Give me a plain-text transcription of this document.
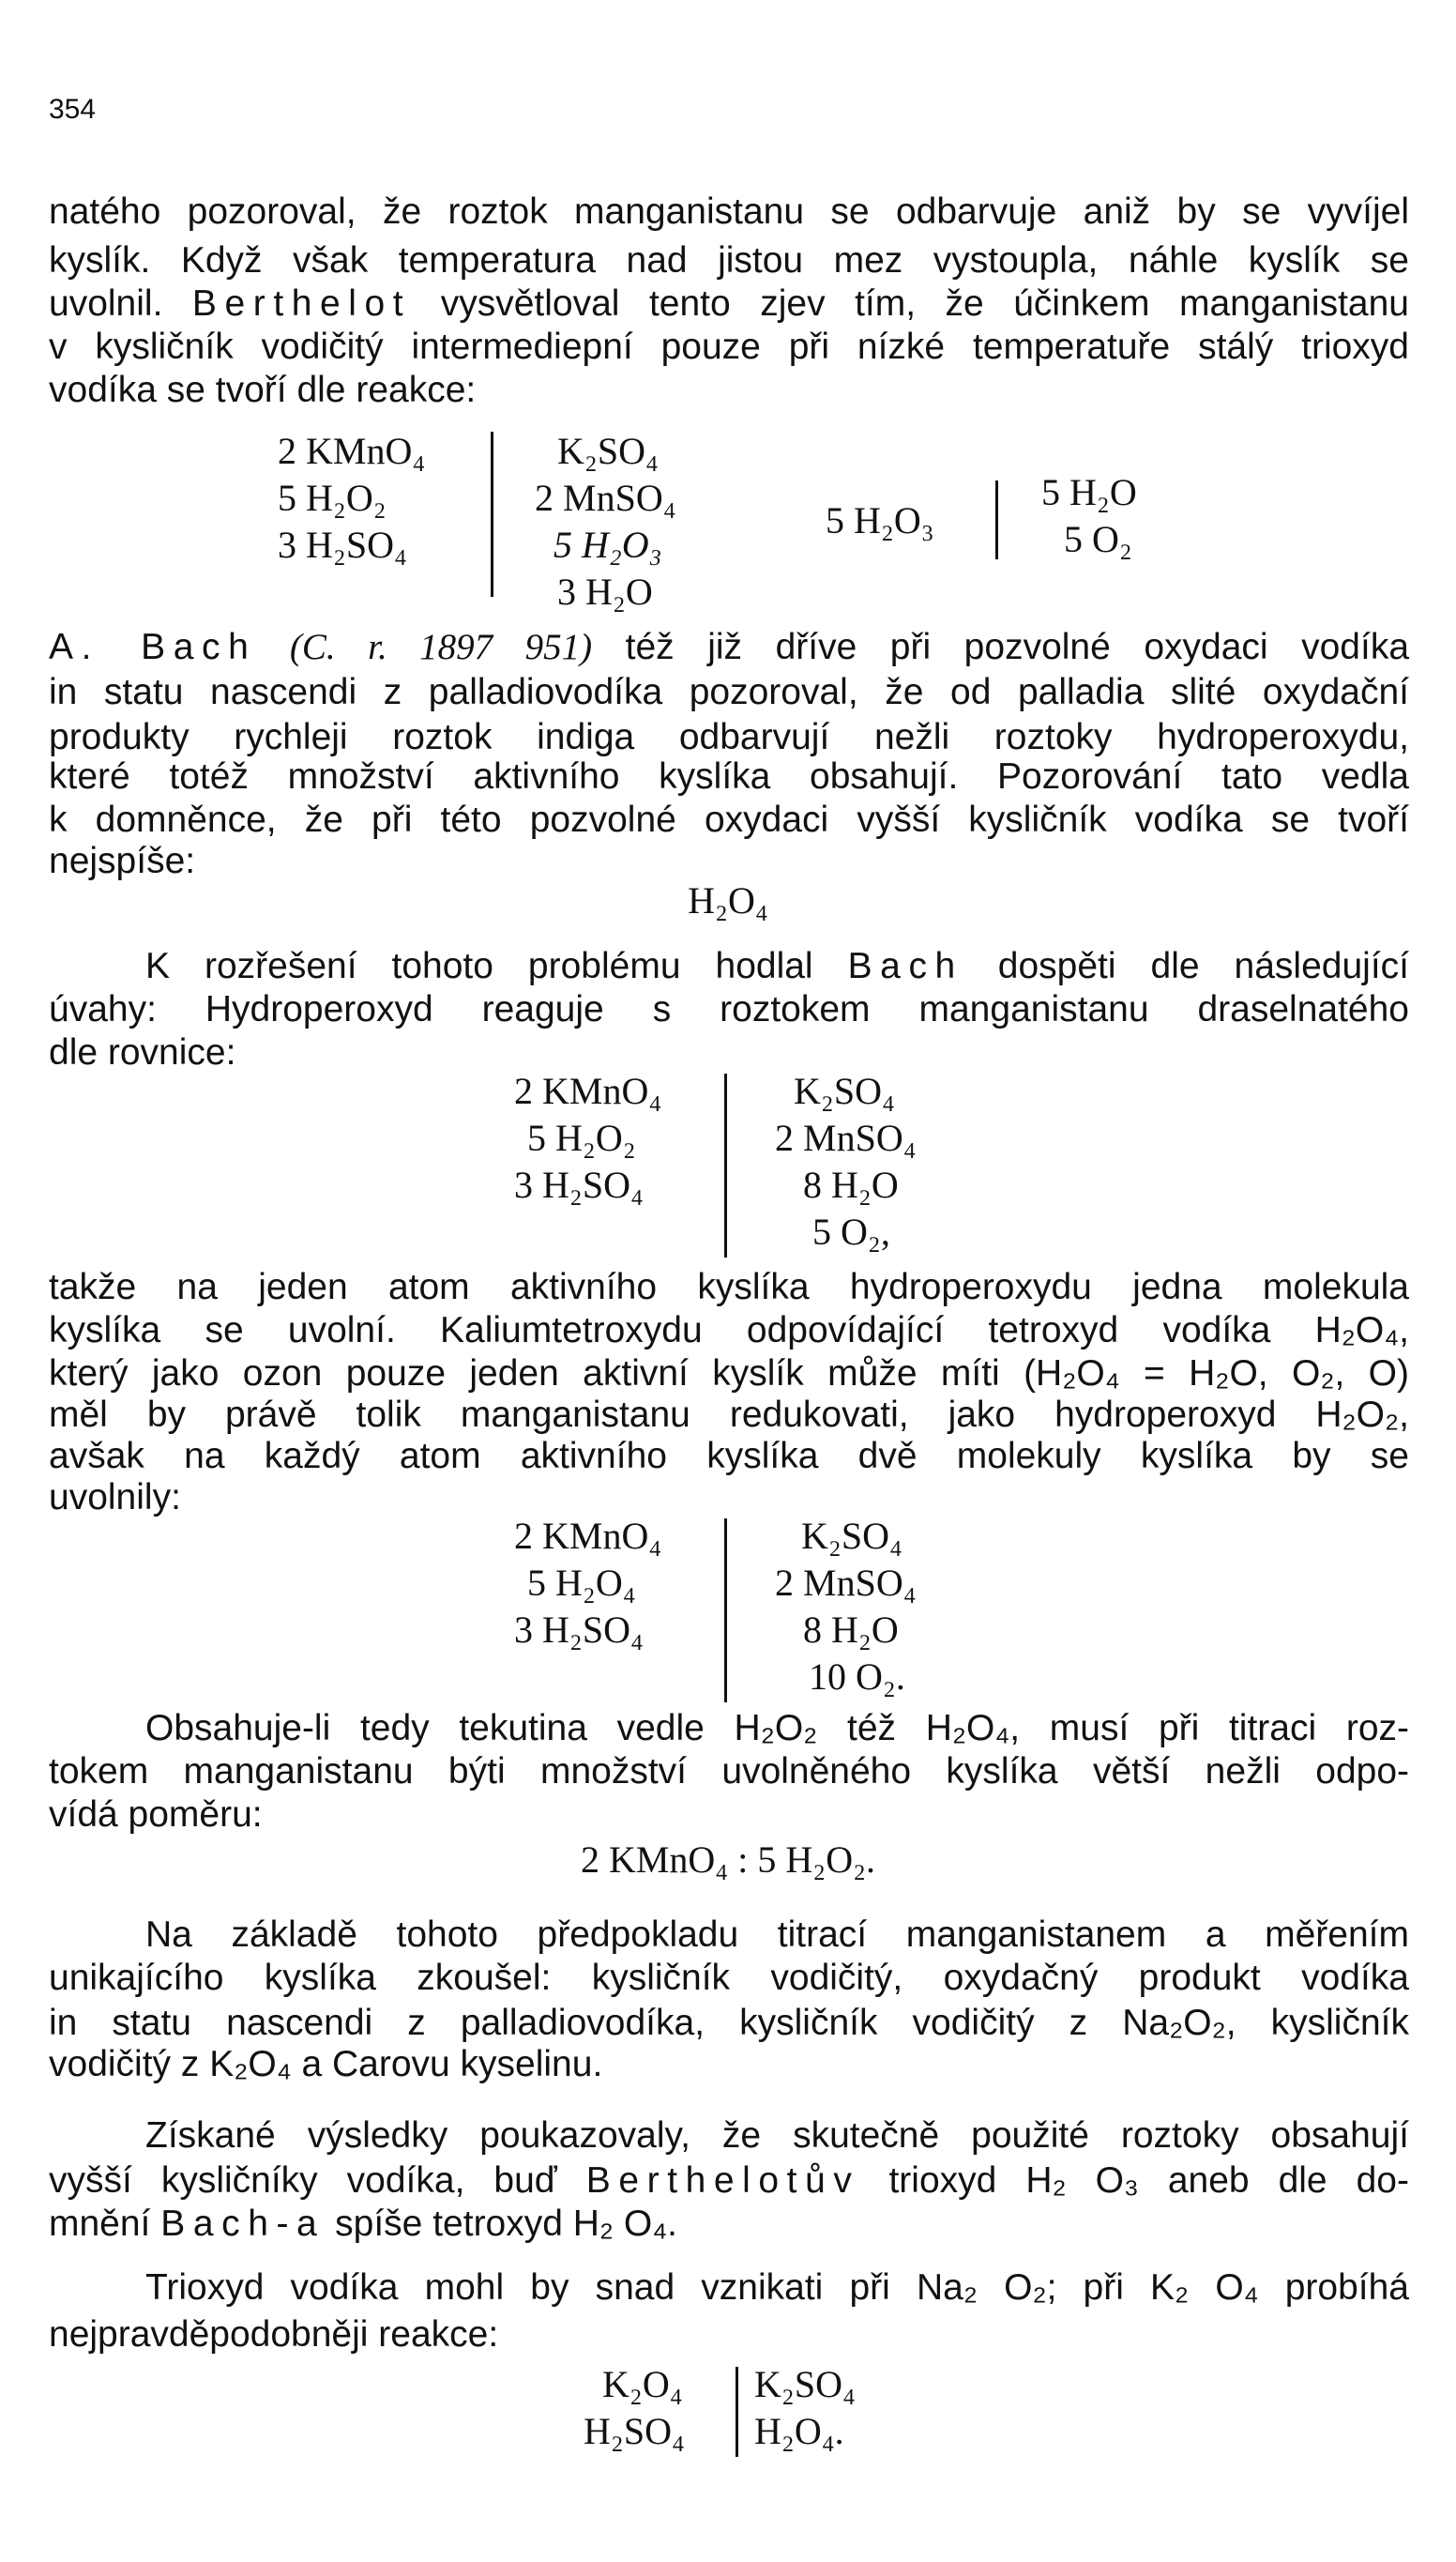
354
natého pozoroval, že roztok manganistanu se odbarvuje aniž by se vyvíjel
kyslík. Když však temperatura nad jistou mez vystoupla, náhle kyslík se
uvolnil. Berthelot vysvětloval tento zjev tím, že účinkem manganistanu
v kysličník vodičitý intermediерní pouze při nízké temperatuře stálý trioxyd
vodíka se tvoří dle reakce:
2 KMnO₄
5 H₂O₂
3 H₂SO₄
K₂SO₄
2 MnSO₄
5 H₂O₃
3 H₂O
5 H₂O₃
5 H₂O
5 O₂
A. Bach (C. r. 1897 951) též již dříve při pozvolné oxydaci vodíka
in statu nascendi z palladiovodíka pozoroval, že od palladia slité oxydační
produkty rychleji roztok indiga odbarvují nežli roztoky hydroperoxydu,
které totéž množství aktivního kyslíka obsahují. Pozorování tato vedla
k domněnce, že při této pozvolné oxydaci vyšší kysličník vodíka se tvoří
nejspíše:
H₂O₄
K rozřešení tohoto problému hodlal Bach dospěti dle následující
úvahy: Hydroperoxyd reaguje s roztokem manganistanu draselnatého
dle rovnice:
2 KMnO₄
5 H₂O₂
3 H₂SO₄
K₂SO₄
2 MnSO₄
8 H₂O
5 O₂,
takže na jeden atom aktivního kyslíka hydroperoxydu jedna molekula
kyslíka se uvolní. Kaliumtetroxydu odpovídající tetroxyd vodíka H₂O₄,
který jako ozon pouze jeden aktivní kyslík může míti (H₂O₄ = H₂O, O₂, O)
měl by právě tolik manganistanu redukovati, jako hydroperoxyd H₂O₂,
avšak na každý atom aktivního kyslíka dvě molekuly kyslíka by se
uvolnily:
2 KMnO₄
5 H₂O₄
3 H₂SO₄
K₂SO₄
2 MnSO₄
8 H₂O
10 O₂.
Obsahuje-li tedy tekutina vedle H₂O₂ též H₂O₄, musí při titraci roz-
tokem manganistanu býti množství uvolněného kyslíka větší nežli odpo-
vídá poměru:
2 KMnO₄ : 5 H₂O₂.
Na základě tohoto předpokladu titrací manganistanem a měřením
unikajícího kyslíka zkoušel: kysličník vodičitý, oxydačný produkt vodíka
in statu nascendi z palladiovodíka, kysličník vodičitý z Na₂O₂, kysličník
vodičitý z K₂O₄ a Carovu kyselinu.
Získané výsledky poukazovaly, že skutečně použité roztoky obsahují
vyšší kysličníky vodíka, buď Berthelotův trioxyd H₂ O₃ aneb dle do-
mnění Bach-a spíše tetroxyd H₂ O₄.
Trioxyd vodíka mohl by snad vznikati při Na₂ O₂; při K₂ O₄ probíhá
nejpravděpodobněji reakce:
K₂O₄
H₂SO₄
K₂SO₄
H₂O₄.
